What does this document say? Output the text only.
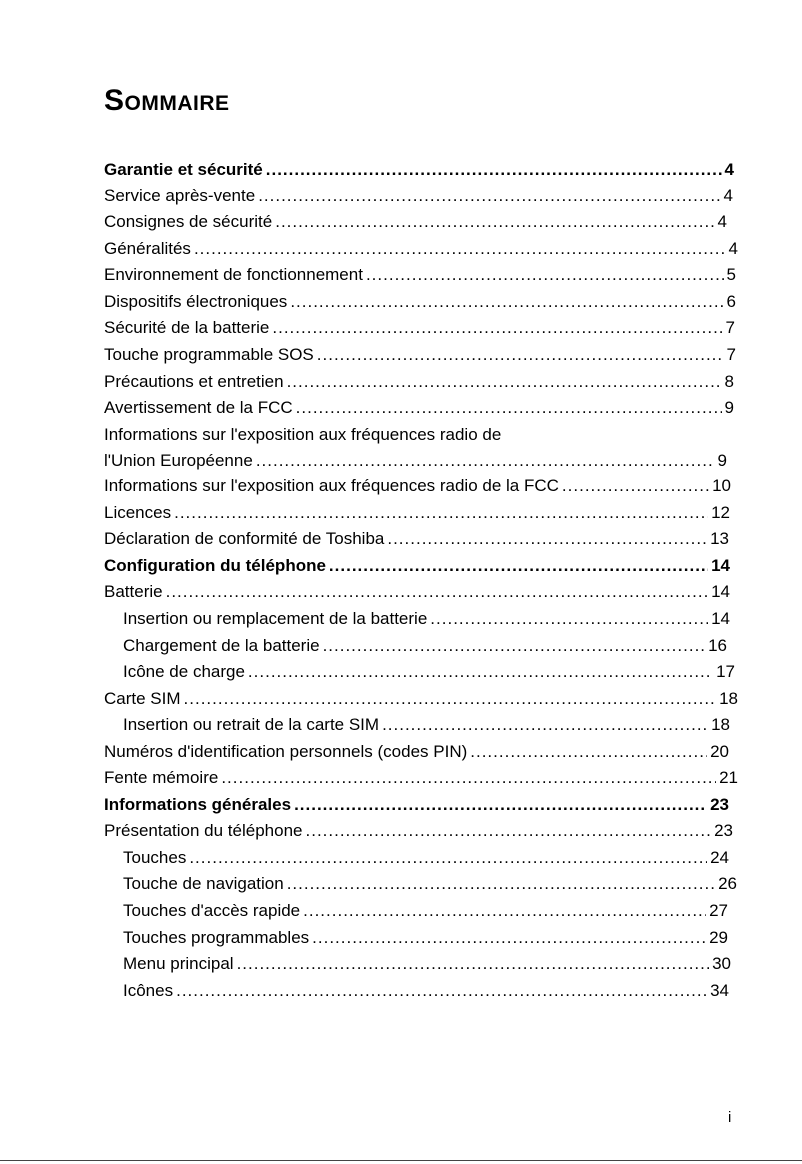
Sommaire
Garantie et sécurité .....	4
Service après-vente .....	4
Consignes de sécurité .....	4
Généralités .....	4
Environnement de fonctionnement .....	5
Dispositifs électroniques .....	6
Sécurité de la batterie .....	7
Touche programmable SOS .....	7
Précautions et entretien .....	8
Avertissement de la FCC .....	9
Informations sur l'exposition aux fréquences radio de
l'Union Européenne .....	9
Informations sur l'exposition aux fréquences radio de la FCC .....	10
Licences .....	12
Déclaration de conformité de Toshiba .....	13
Configuration du téléphone .....	14
Batterie .....	14
Insertion ou remplacement de la batterie .....	14
Chargement de la batterie .....	16
Icône de charge .....	17
Carte SIM .....	18
Insertion ou retrait de la carte SIM .....	18
Numéros d'identification personnels (codes PIN) .....	20
Fente mémoire .....	21
Informations générales .....	23
Présentation du téléphone .....	23
Touches .....	24
Touche de navigation .....	26
Touches d'accès rapide .....	27
Touches programmables .....	29
Menu principal .....	30
Icônes .....	34
i
